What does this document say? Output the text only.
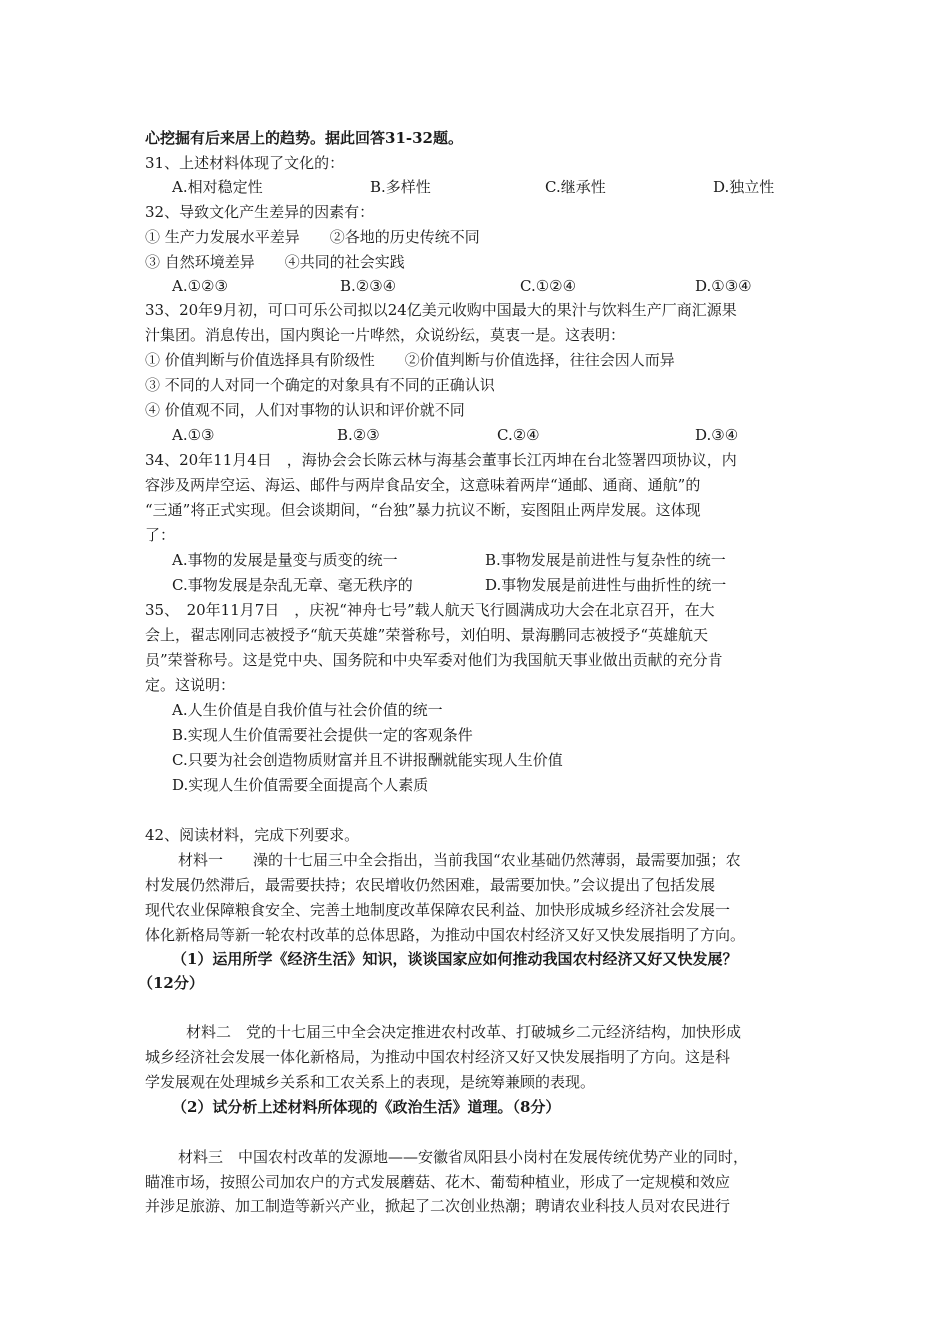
心挖掘有后来居上的趋势。据此回答31-32题。
31、上述材料体现了文化的：
A.相对稳定性	B.多样性	C.继承性	D.独立性
32、导致文化产生差异的因素有：
① 生产力发展水平差异　　②各地的历史传统不同
③ 自然环境差异　　④共同的社会实践
A.①②③	B.②③④	C.①②④	D.①③④
33、20年9月初，可口可乐公司拟以24亿美元收购中国最大的果汁与饮料生产厂商汇源果
汁集团。消息传出，国内舆论一片哗然，众说纷纭，莫衷一是。这表明：
① 价值判断与价值选择具有阶级性　　②价值判断与价值选择，往往会因人而异
③ 不同的人对同一个确定的对象具有不同的正确认识
④ 价值观不同，人们对事物的认识和评价就不同
A.①③	B.②③	C.②④	D.③④
34、20年11月4日　，海协会会长陈云林与海基会董事长江丙坤在台北签署四项协议，内
容涉及两岸空运、海运、邮件与两岸食品安全，这意味着两岸“通邮、通商、通航”的
“三通”将正式实现。但会谈期间，“台独”暴力抗议不断，妄图阻止两岸发展。这体现
了：
A.事物的发展是量变与质变的统一	B.事物发展是前进性与复杂性的统一
C.事物发展是杂乱无章、毫无秩序的	D.事物发展是前进性与曲折性的统一
35、　20年11月7日　，庆祝“神舟七号”载人航天飞行圆满成功大会在北京召开，在大
会上，翟志刚同志被授予“航天英雄”荣誉称号，刘伯明、景海鹏同志被授予“英雄航天
员”荣誉称号。这是党中央、国务院和中央军委对他们为我国航天事业做出贡献的充分肯
定。这说明：
A.人生价值是自我价值与社会价值的统一
B.实现人生价值需要社会提供一定的客观条件
C.只要为社会创造物质财富并且不讲报酬就能实现人生价值
D.实现人生价值需要全面提高个人素质
42、阅读材料，完成下列要求。
材料一　　澡的十七届三中全会指出，当前我国“农业基础仍然薄弱，最需要加强；农
村发展仍然滞后，最需要扶持；农民增收仍然困难，最需要加快。”会议提出了包括发展
现代农业保障粮食安全、完善土地制度改革保障农民利益、加快形成城乡经济社会发展一
体化新格局等新一轮农村改革的总体思路，为推动中国农村经济又好又快发展指明了方向。
（1）运用所学《经济生活》知识，谈谈国家应如何推动我国农村经济又好又快发展？
（12分）
材料二　党的十七届三中全会决定推进农村改革、打破城乡二元经济结构，加快形成
城乡经济社会发展一体化新格局，为推动中国农村经济又好又快发展指明了方向。这是科
学发展观在处理城乡关系和工农关系上的表现，是统筹兼顾的表现。
（2）试分析上述材料所体现的《政治生活》道理。（8分）
材料三　中国农村改革的发源地——安徽省凤阳县小岗村在发展传统优势产业的同时，
瞄准市场，按照公司加农户的方式发展蘑菇、花木、葡萄种植业，形成了一定规模和效应
并涉足旅游、加工制造等新兴产业，掀起了二次创业热潮；聘请农业科技人员对农民进行
